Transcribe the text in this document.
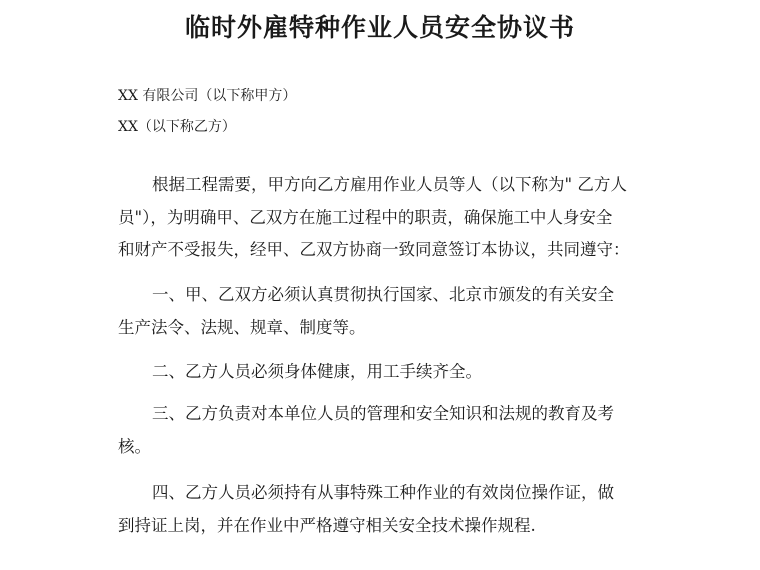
临时外雇特种作业人员安全协议书
XX 有限公司（以下称甲方）
XX（以下称乙方）

根据工程需要，甲方向乙方雇用作业人员等人（以下称为" 乙方人
员"），为明确甲、乙双方在施工过程中的职责，确保施工中人身安全
和财产不受报失，经甲、乙双方协商一致同意签订本协议，共同遵守：

一、甲、乙双方必须认真贯彻执行国家、北京市颁发的有关安全
生产法令、法规、规章、制度等。

二、乙方人员必须身体健康，用工手续齐全。

三、乙方负责对本单位人员的管理和安全知识和法规的教育及考
核。

四、乙方人员必须持有从事特殊工种作业的有效岗位操作证，做
到持证上岗，并在作业中严格遵守相关安全技术操作规程.
